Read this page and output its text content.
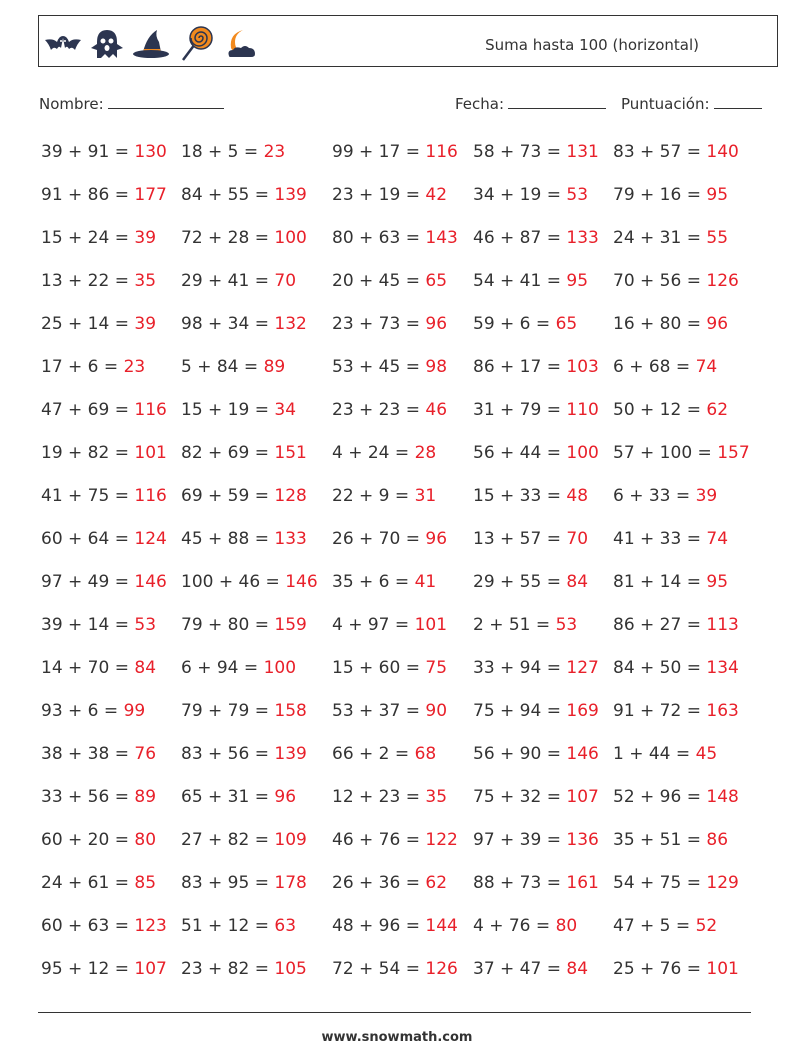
Suma hasta 100 (horizontal)
Nombre:	Fecha:	Puntuación:
39 + 91 = 130 18 + 5 = 23	99 + 17 = 116 58 + 73 = 131 83 + 57 = 140
91 + 86 = 177 84 + 55 = 139 23 + 19 = 42 34 + 19 = 53 79 + 16 = 95
15 + 24 = 39 72 + 28 = 100 80 + 63 = 143 46 + 87 = 133 24 + 31 = 55
13 + 22 = 35 29 + 41 = 70 20 + 45 = 65 54 + 41 = 95 70 + 56 = 126
25 + 14 = 39 98 + 34 = 132 23 + 73 = 96 59 + 6 = 65 16 + 80 = 96
17 + 6 = 23 5 + 84 = 89	53 + 45 = 98 86 + 17 = 103 6 + 68 = 74
47 + 69 = 116 15 + 19 = 34 23 + 23 = 46 31 + 79 = 110 50 + 12 = 62
19 + 82 = 101 82 + 69 = 151 4 + 24 = 28 56 + 44 = 100 57 + 100 = 157
41 + 75 = 116 69 + 59 = 128 22 + 9 = 31 15 + 33 = 48 6 + 33 = 39
60 + 64 = 124 45 + 88 = 133 26 + 70 = 96 13 + 57 = 70 41 + 33 = 74
97 + 49 = 146 100 + 46 = 146 35 + 6 = 41 29 + 55 = 84 81 + 14 = 95
39 + 14 = 53 79 + 80 = 159 4 + 97 = 101 2 + 51 = 53 86 + 27 = 113
14 + 70 = 84 6 + 94 = 100 15 + 60 = 75 33 + 94 = 127 84 + 50 = 134
93 + 6 = 99 79 + 79 = 158 53 + 37 = 90 75 + 94 = 169 91 + 72 = 163
38 + 38 = 76 83 + 56 = 139 66 + 2 = 68 56 + 90 = 146 1 + 44 = 45
33 + 56 = 89 65 + 31 = 96 12 + 23 = 35 75 + 32 = 107 52 + 96 = 148
60 + 20 = 80 27 + 82 = 109 46 + 76 = 122 97 + 39 = 136 35 + 51 = 86
24 + 61 = 85 83 + 95 = 178 26 + 36 = 62 88 + 73 = 161 54 + 75 = 129
60 + 63 = 123 51 + 12 = 63 48 + 96 = 144 4 + 76 = 80 47 + 5 = 52
95 + 12 = 107 23 + 82 = 105 72 + 54 = 126 37 + 47 = 84 25 + 76 = 101
www.snowmath.com
